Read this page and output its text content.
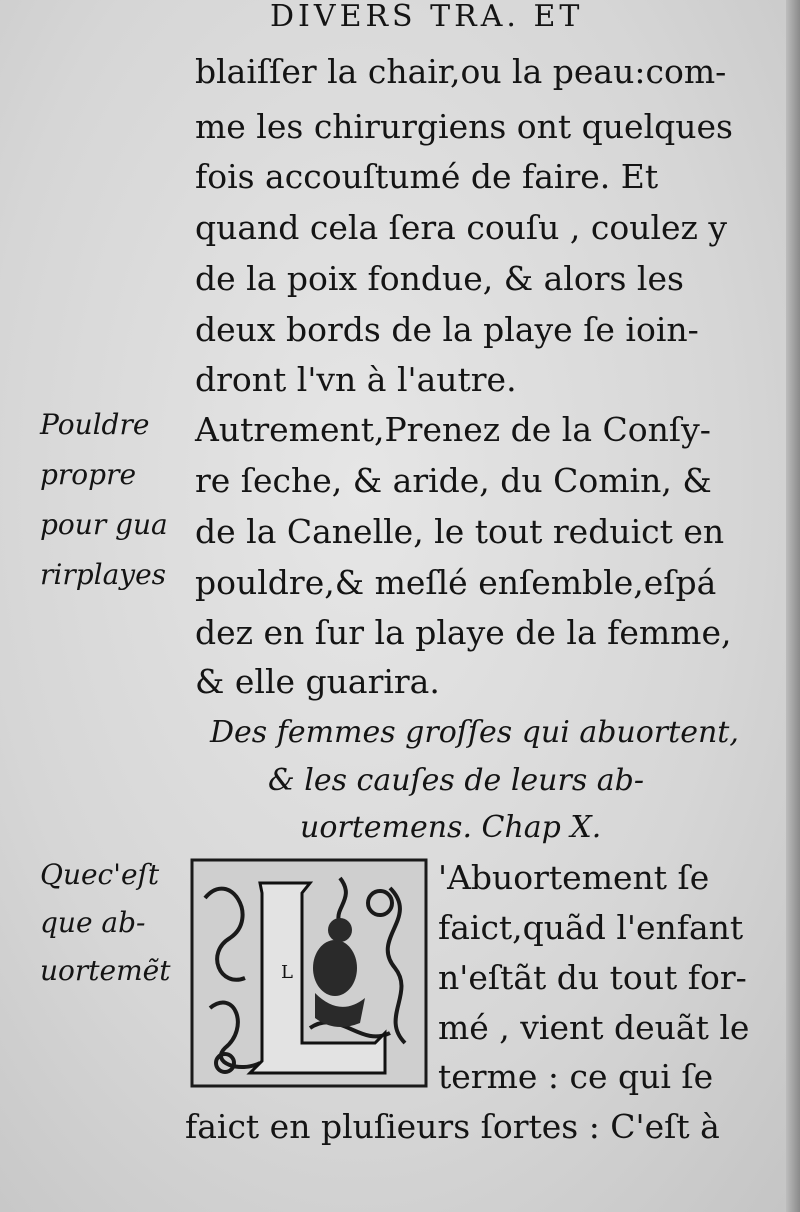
DIVERS TRA. ET
blaiſſer la chair,ou la peau:com-
me les chirurgiens ont quelques
fois accouſtumé de faire. Et
quand cela ſera couſu , coulez y
de la poix fondue, & alors les
deux bords de la playe ſe ioin-
dront l'vn à l'autre.
Pouldre
propre
pour gua
rirplayes
Autrement,Prenez de la Conſy-
re ſeche, & aride, du Comin, &
de la Canelle, le tout reduict en
pouldre,& meſlé enſemble,eſpá
dez en ſur la playe de la femme,
& elle guarira.
Des femmes groſſes qui abuortent,
& les cauſes de leurs ab-
uortemens. Chap X.
Quec'eſt
que ab-
uortemẽt	L
'Abuortement ſe
faict,quãd l'enfant
n'eſtãt du tout for-
mé , vient deuãt le
terme : ce qui ſe
faict en pluſieurs ſortes : C'eſt à
